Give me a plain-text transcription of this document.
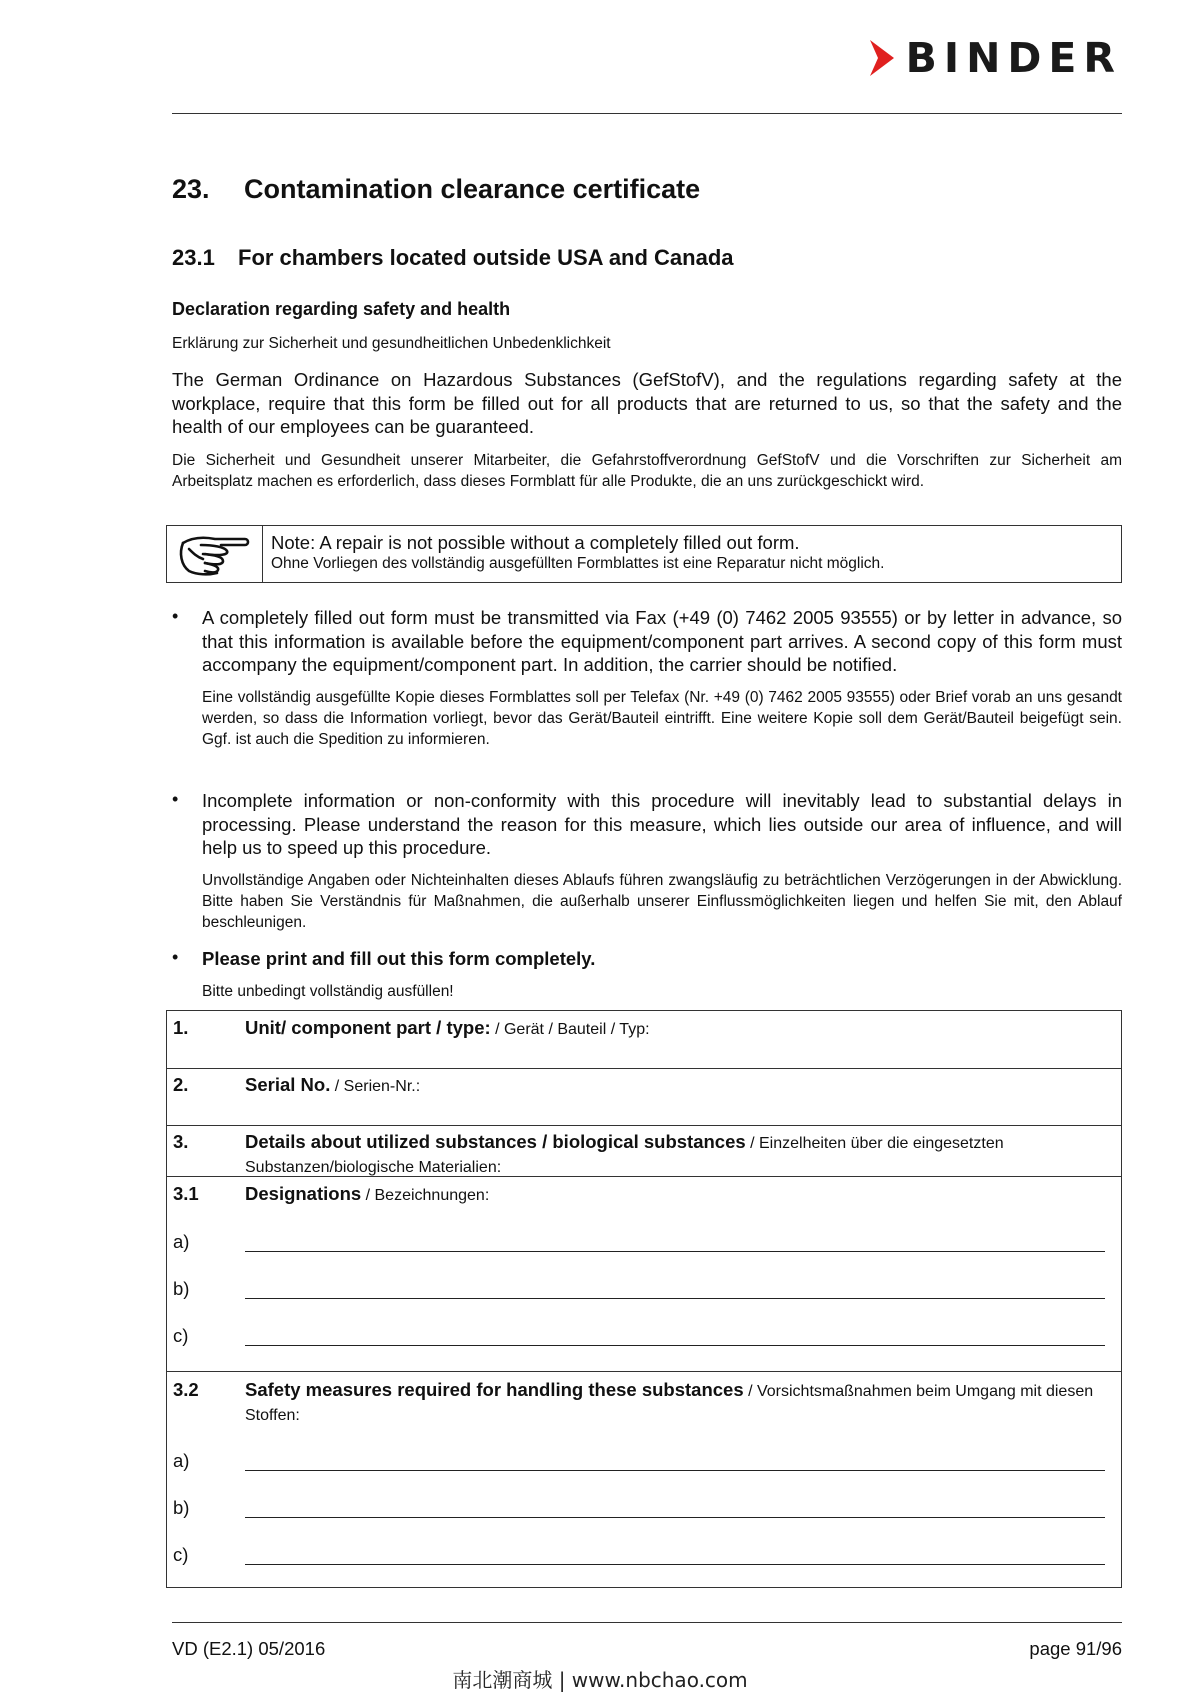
BINDER
23. Contamination clearance certificate
23.1 For chambers located outside USA and Canada
Declaration regarding safety and health
Erklärung zur Sicherheit und gesundheitlichen Unbedenklichkeit
The German Ordinance on Hazardous Substances (GefStofV), and the regulations regarding safety at the workplace, require that this form be filled out for all products that are returned to us, so that the safety and the health of our employees can be guaranteed.
Die Sicherheit und Gesundheit unserer Mitarbeiter, die Gefahrstoffverordnung GefStofV und die Vorschriften zur Sicherheit am Arbeitsplatz machen es erforderlich, dass dieses Formblatt für alle Produkte, die an uns zurückgeschickt wird.
Note: A repair is not possible without a completely filled out form.
Ohne Vorliegen des vollständig ausgefüllten Formblattes ist eine Reparatur nicht möglich.
• A completely filled out form must be transmitted via Fax (+49 (0) 7462 2005 93555) or by letter in advance, so that this information is available before the equipment/component part arrives. A second copy of this form must accompany the equipment/component part. In addition, the carrier should be notified.
Eine vollständig ausgefüllte Kopie dieses Formblattes soll per Telefax (Nr. +49 (0) 7462 2005 93555) oder Brief vorab an uns gesandt werden, so dass die Information vorliegt, bevor das Gerät/Bauteil eintrifft. Eine weitere Kopie soll dem Gerät/Bauteil beigefügt sein. Ggf. ist auch die Spedition zu informieren.
• Incomplete information or non-conformity with this procedure will inevitably lead to substantial delays in processing. Please understand the reason for this measure, which lies outside our area of influence, and will help us to speed up this procedure.
Unvollständige Angaben oder Nichteinhalten dieses Ablaufs führen zwangsläufig zu beträchtlichen Verzögerungen in der Abwicklung. Bitte haben Sie Verständnis für Maßnahmen, die außerhalb unserer Einflussmöglichkeiten liegen und helfen Sie mit, den Ablauf beschleunigen.
• Please print and fill out this form completely.
Bitte unbedingt vollständig ausfüllen!
1.	Unit/ component part / type: / Gerät / Bauteil / Typ:
2.	Serial No. / Serien-Nr.:
3.	Details about utilized substances / biological substances / Einzelheiten über die eingesetzten Substanzen/biologische Materialien:
3.1	Designations / Bezeichnungen:
a)
b)
c)
3.2	Safety measures required for handling these substances / Vorsichtsmaßnahmen beim Umgang mit diesen Stoffen:
a)
b)
c)
VD (E2.1) 05/2016	page 91/96
南北潮商城 | www.nbchao.com
